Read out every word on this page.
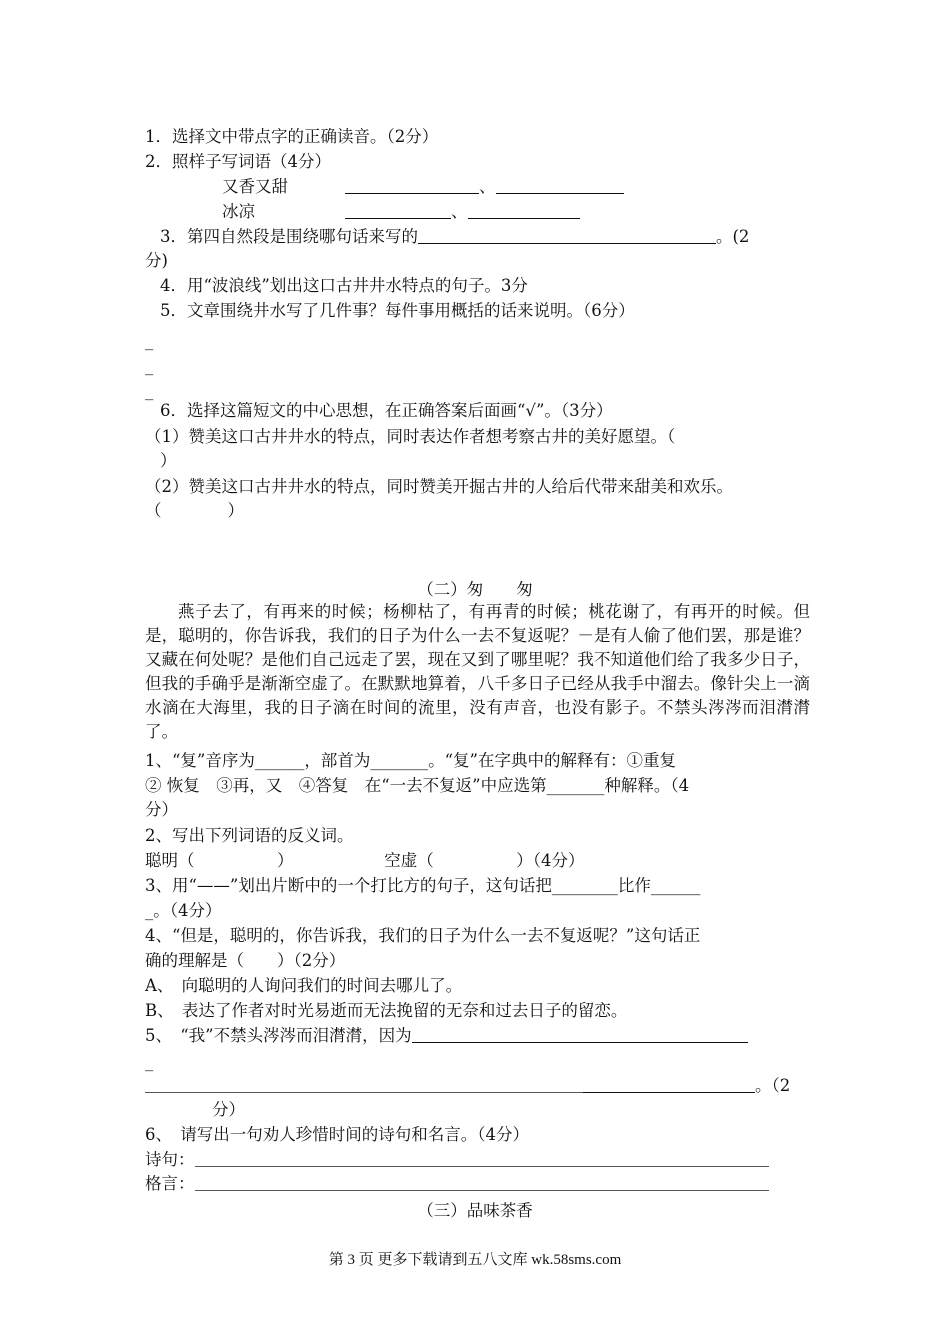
1．选择文中带点字的正确读音。（2分）
2．照样子写词语（4分）
又香又甜	、
冰凉	、
3．第四自然段是围绕哪句话来写的	。(2
分)
4．用“波浪线”划出这口古井井水特点的句子。3分
5．文章围绕井水写了几件事？每件事用概括的话来说明。（6分）
_
_
_
6．选择这篇短文的中心思想，在正确答案后面画“√”。（3分）
（1）赞美这口古井井水的特点，同时表达作者想考察古井的美好愿望。（
）
（2）赞美这口古井井水的特点，同时赞美开掘古井的人给后代带来甜美和欢乐。
（　　　　）
（二）匆　　匆
燕子去了，有再来的时候；杨柳枯了，有再青的时候；桃花谢了，有再开的时候。但是，聪明的，你告诉我，我们的日子为什么一去不复返呢？－是有人偷了他们罢，那是谁？又藏在何处呢？是他们自己远走了罢，现在又到了哪里呢？我不知道他们给了我多少日子，但我的手确乎是渐渐空虚了。在默默地算着，八千多日子已经从我手中溜去。像针尖上一滴水滴在大海里，我的日子滴在时间的流里，没有声音，也没有影子。不禁头涔涔而泪潸潸了。
1、“复”音序为______，部首为_______。“复”在字典中的解释有：①重复
② 恢复　③再，又　④答复　在“一去不复返”中应选第_______种解释。（4
分）
2、写出下列词语的反义词。
聪明（　　　　　）　　　　　　空虚（　　　　　）（4分）
3、用“——”划出片断中的一个打比方的句子，这句话把________比作______
_。（4分）
4、“但是，聪明的，你告诉我，我们的日子为什么一去不复返呢？”这句话正
确的理解是（　　）（2分）
A、　向聪明的人询问我们的时间去哪儿了。
B、　表达了作者对时光易逝而无法挽留的无奈和过去日子的留恋。
5、　“我”不禁头涔涔而泪潸潸，因为
_
。（2
分）
6、　请写出一句劝人珍惜时间的诗句和名言。（4分）
诗句：
格言：
（三）品味茶香
第 3 页 更多下载请到五八文库 wk.58sms.com
